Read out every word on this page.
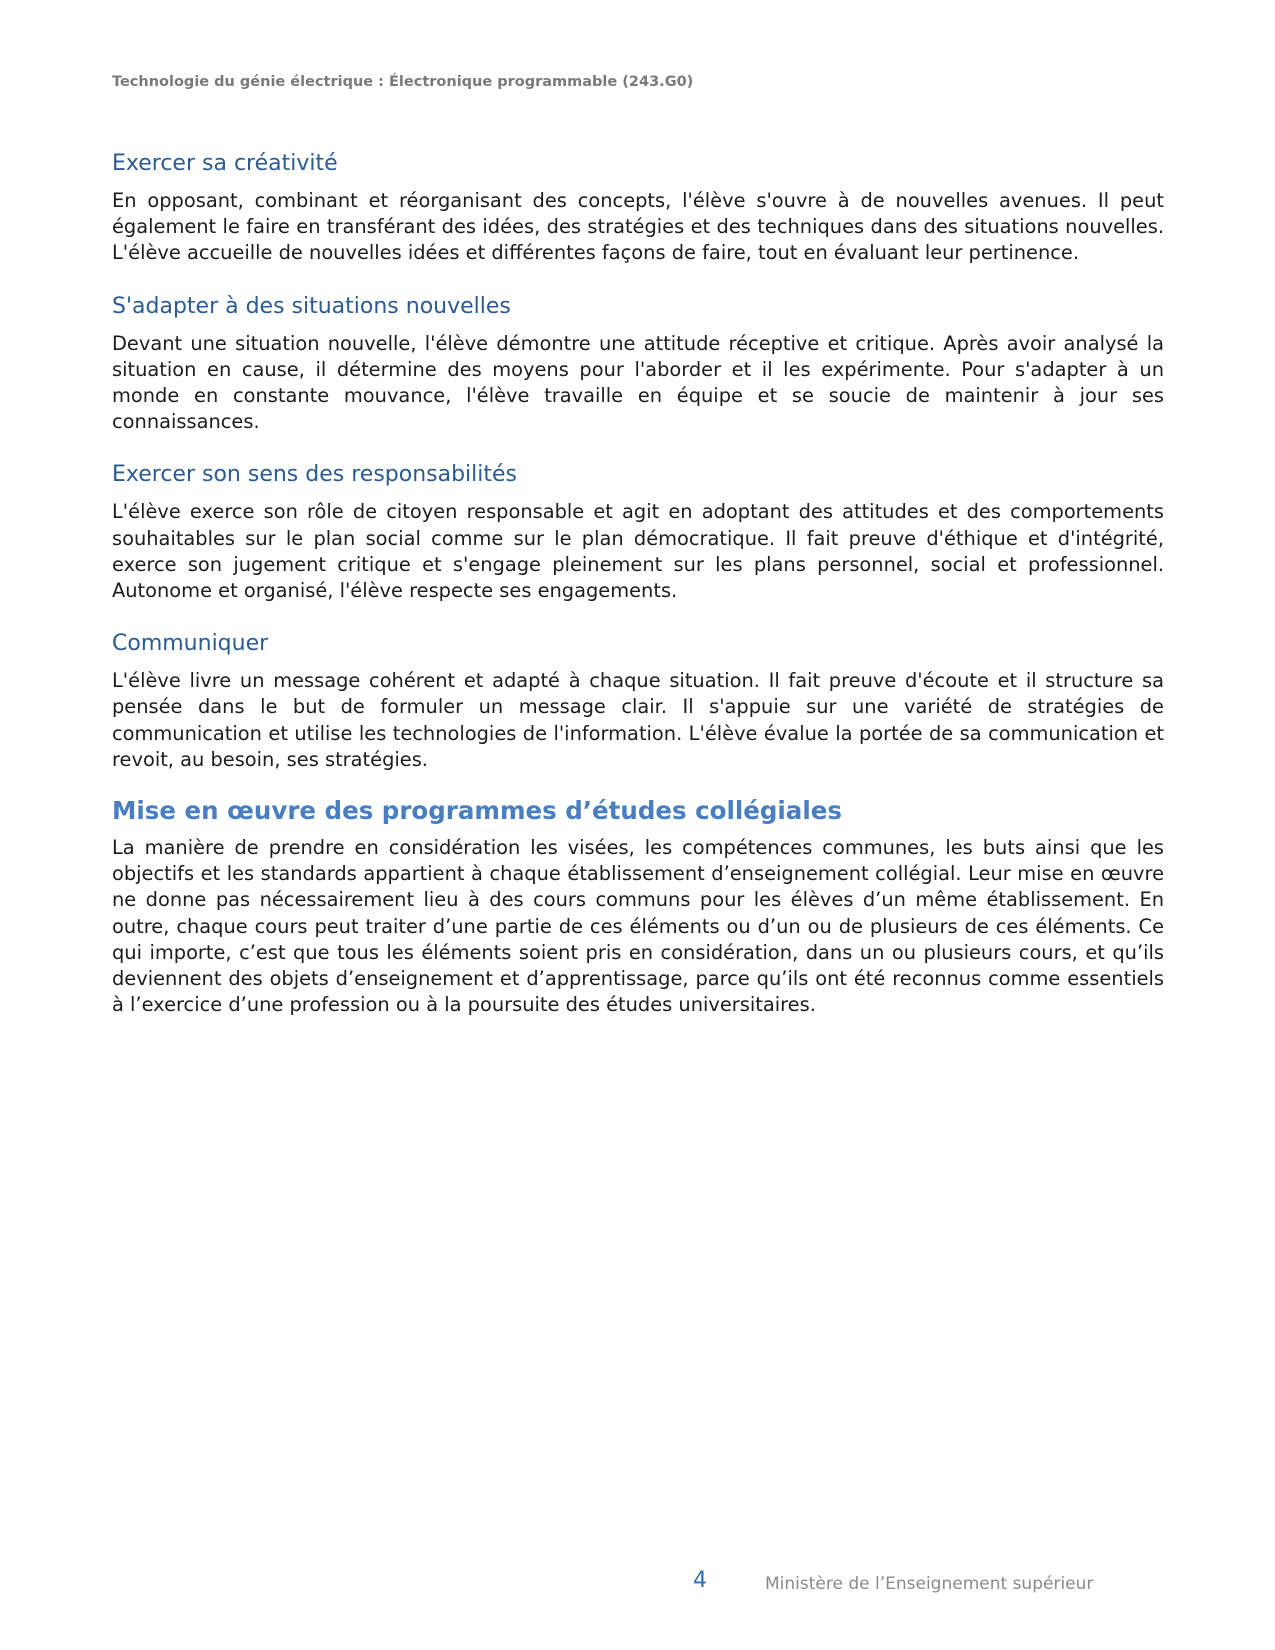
Technologie du génie électrique : Électronique programmable (243.G0)
Exercer sa créativité

En opposant, combinant et réorganisant des concepts, l'élève s'ouvre à de nouvelles avenues. Il peut également le faire en transférant des idées, des stratégies et des techniques dans des situations nouvelles. L'élève accueille de nouvelles idées et différentes façons de faire, tout en évaluant leur pertinence.

S'adapter à des situations nouvelles

Devant une situation nouvelle, l'élève démontre une attitude réceptive et critique. Après avoir analysé la situation en cause, il détermine des moyens pour l'aborder et il les expérimente. Pour s'adapter à un monde en constante mouvance, l'élève travaille en équipe et se soucie de maintenir à jour ses connaissances.

Exercer son sens des responsabilités

L'élève exerce son rôle de citoyen responsable et agit en adoptant des attitudes et des comportements souhaitables sur le plan social comme sur le plan démocratique. Il fait preuve d'éthique et d'intégrité, exerce son jugement critique et s'engage pleinement sur les plans personnel, social et professionnel. Autonome et organisé, l'élève respecte ses engagements.

Communiquer

L'élève livre un message cohérent et adapté à chaque situation. Il fait preuve d'écoute et il structure sa pensée dans le but de formuler un message clair. Il s'appuie sur une variété de stratégies de communication et utilise les technologies de l'information. L'élève évalue la portée de sa communication et revoit, au besoin, ses stratégies.

Mise en œuvre des programmes d’études collégiales

La manière de prendre en considération les visées, les compétences communes, les buts ainsi que les objectifs et les standards appartient à chaque établissement d’enseignement collégial. Leur mise en œuvre ne donne pas nécessairement lieu à des cours communs pour les élèves d’un même établissement. En outre, chaque cours peut traiter d’une partie de ces éléments ou d’un ou de plusieurs de ces éléments. Ce qui importe, c’est que tous les éléments soient pris en considération, dans un ou plusieurs cours, et qu’ils deviennent des objets d’enseignement et d’apprentissage, parce qu’ils ont été reconnus comme essentiels à l’exercice d’une profession ou à la poursuite des études universitaires.

4	Ministère de l’Enseignement supérieur
